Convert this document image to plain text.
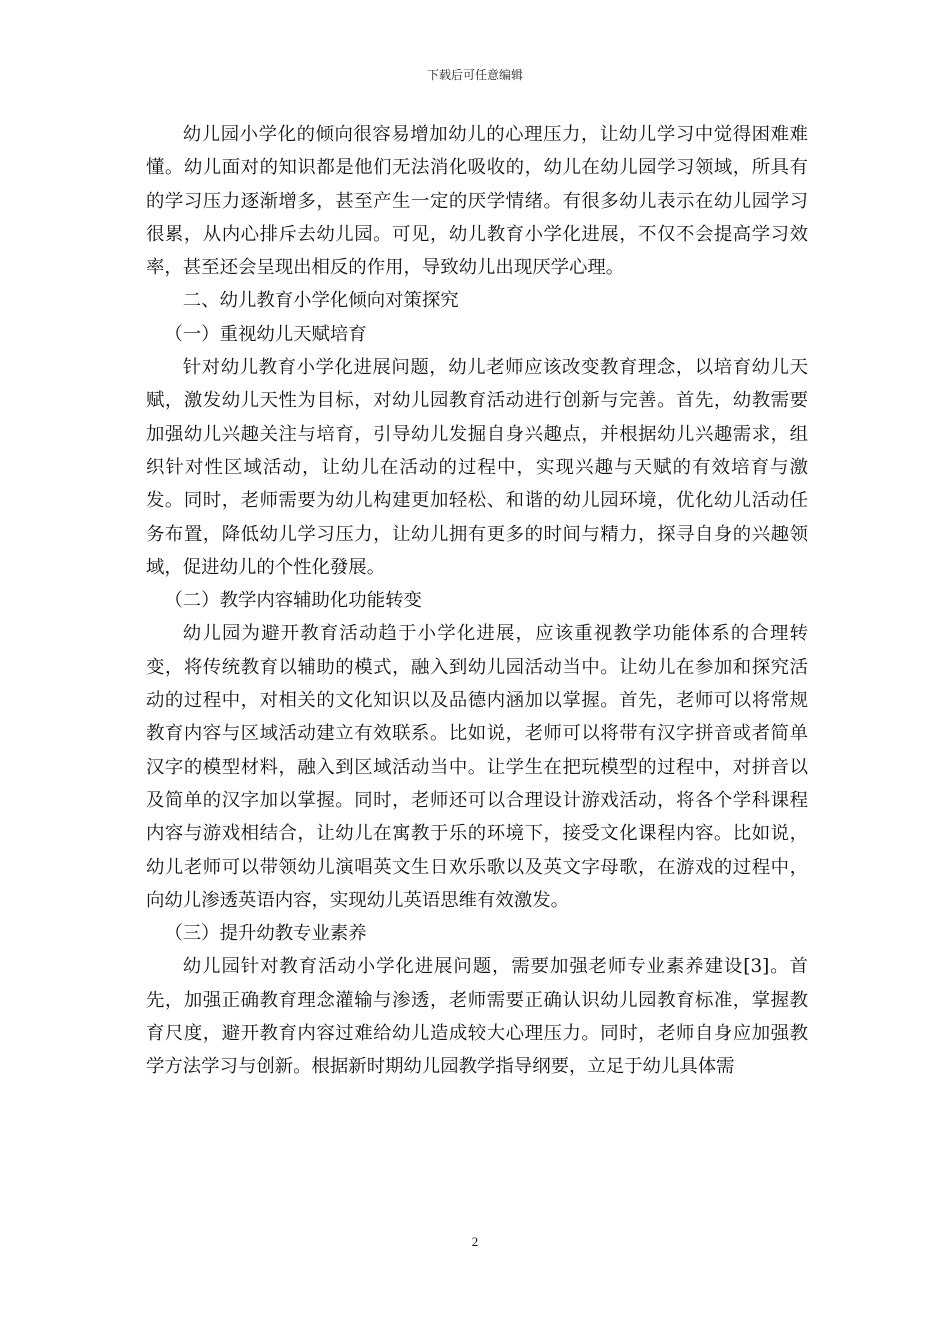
下载后可任意编辑

幼儿园小学化的倾向很容易增加幼儿的心理压力，让幼儿学习中觉得困难难懂。幼儿面对的知识都是他们无法消化吸收的，幼儿在幼儿园学习领域，所具有的学习压力逐渐增多，甚至产生一定的厌学情绪。有很多幼儿表示在幼儿园学习很累，从内心排斥去幼儿园。可见，幼儿教育小学化进展，不仅不会提高学习效率，甚至还会呈现出相反的作用，导致幼儿出现厌学心理。

二、幼儿教育小学化倾向对策探究

（一）重视幼儿天赋培育

针对幼儿教育小学化进展问题，幼儿老师应该改变教育理念，以培育幼儿天赋，激发幼儿天性为目标，对幼儿园教育活动进行创新与完善。首先，幼教需要加强幼儿兴趣关注与培育，引导幼儿发掘自身兴趣点，并根据幼儿兴趣需求，组织针对性区域活动，让幼儿在活动的过程中，实现兴趣与天赋的有效培育与激发。同时，老师需要为幼儿构建更加轻松、和谐的幼儿园环境，优化幼儿活动任务布置，降低幼儿学习压力，让幼儿拥有更多的时间与精力，探寻自身的兴趣领域，促进幼儿的个性化發展。

（二）教学内容辅助化功能转变

幼儿园为避开教育活动趋于小学化进展，应该重视教学功能体系的合理转变，将传统教育以辅助的模式，融入到幼儿园活动当中。让幼儿在参加和探究活动的过程中，对相关的文化知识以及品德内涵加以掌握。首先，老师可以将常规教育内容与区域活动建立有效联系。比如说，老师可以将带有汉字拼音或者简单汉字的模型材料，融入到区域活动当中。让学生在把玩模型的过程中，对拼音以及简单的汉字加以掌握。同时，老师还可以合理设计游戏活动，将各个学科课程内容与游戏相结合，让幼儿在寓教于乐的环境下，接受文化课程内容。比如说，幼儿老师可以带领幼儿演唱英文生日欢乐歌以及英文字母歌，在游戏的过程中，向幼儿渗透英语内容，实现幼儿英语思维有效激发。

（三）提升幼教专业素养

幼儿园针对教育活动小学化进展问题，需要加强老师专业素养建设[3]。首先，加强正确教育理念灌输与渗透，老师需要正确认识幼儿园教育标准，掌握教育尺度，避开教育内容过难给幼儿造成较大心理压力。同时，老师自身应加强教学方法学习与创新。根据新时期幼儿园教学指导纲要，立足于幼儿具体需

2
